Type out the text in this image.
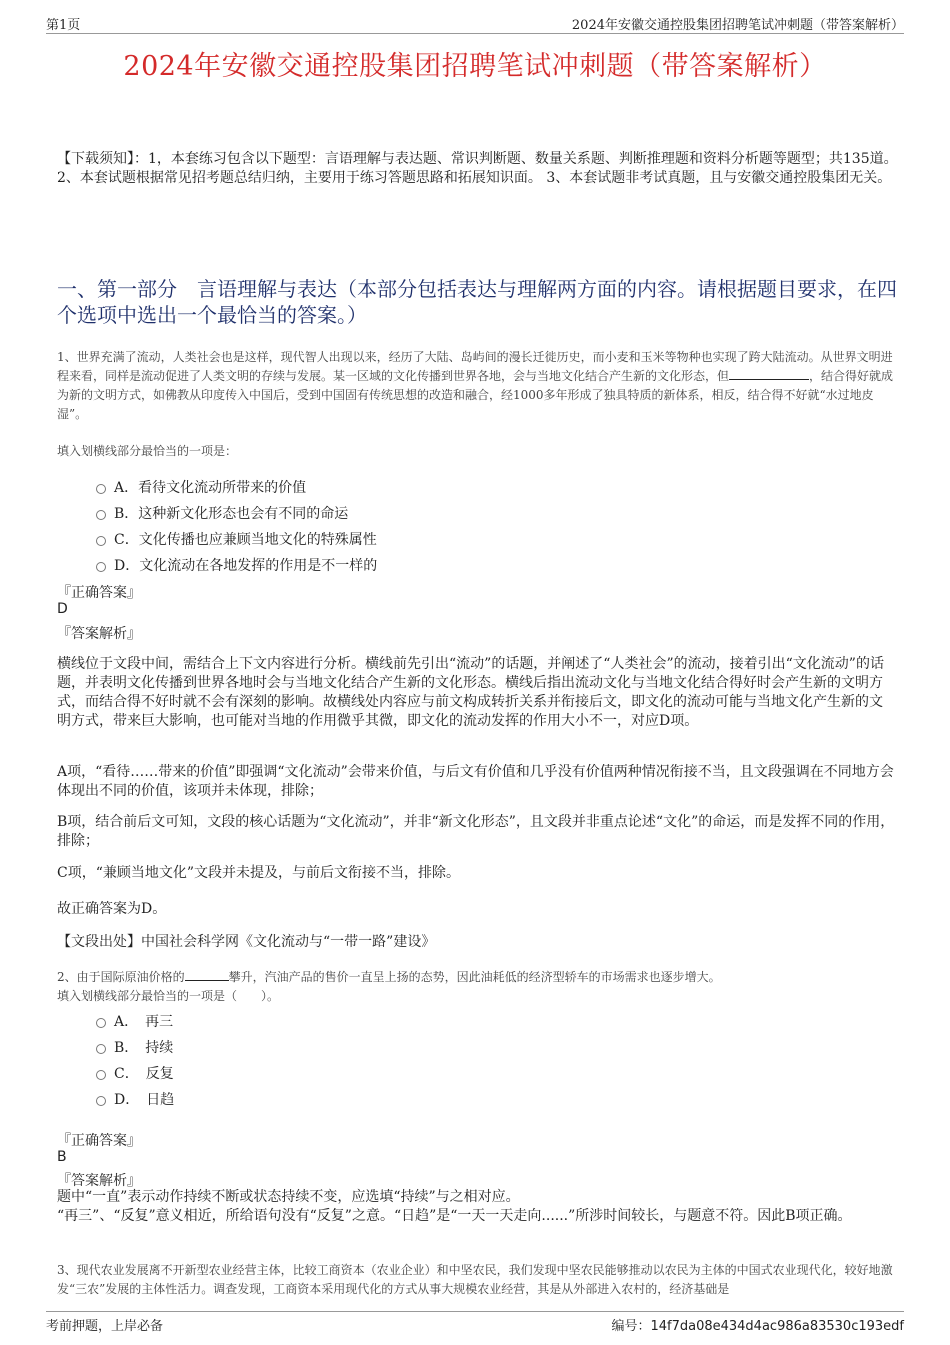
第1页	2024年安徽交通控股集团招聘笔试冲刺题（带答案解析）
2024年安徽交通控股集团招聘笔试冲刺题（带答案解析）
【下载须知】：1，本套练习包含以下题型：言语理解与表达题、常识判断题、数量关系题、判断推理题和资料分析题等题型；共135道。 2、本套试题根据常见招考题总结归纳，主要用于练习答题思路和拓展知识面。 3、本套试题非考试真题，且与安徽交通控股集团无关。
一、第一部分　言语理解与表达（本部分包括表达与理解两方面的内容。请根据题目要求，在四个选项中选出一个最恰当的答案。）
1、世界充满了流动，人类社会也是这样，现代智人出现以来，经历了大陆、岛屿间的漫长迁徙历史，而小麦和玉米等物种也实现了跨大陆流动。从世界文明进程来看，同样是流动促进了人类文明的存续与发展。某一区域的文化传播到世界各地，会与当地文化结合产生新的文化形态，但	，结合得好就成为新的文明方式，如佛教从印度传入中国后，受到中国固有传统思想的改造和融合，经1000多年形成了独具特质的新体系，相反，结合得不好就“水过地皮湿”。
填入划横线部分最恰当的一项是：
A．看待文化流动所带来的价值
B．这种新文化形态也会有不同的命运
C．文化传播也应兼顾当地文化的特殊属性
D．文化流动在各地发挥的作用是不一样的
『正确答案』
D
『答案解析』
横线位于文段中间，需结合上下文内容进行分析。横线前先引出“流动”的话题，并阐述了“人类社会”的流动，接着引出“文化流动”的话题，并表明文化传播到世界各地时会与当地文化结合产生新的文化形态。横线后指出流动文化与当地文化结合得好时会产生新的文明方式，而结合得不好时就不会有深刻的影响。故横线处内容应与前文构成转折关系并衔接后文，即文化的流动可能与当地文化产生新的文明方式，带来巨大影响，也可能对当地的作用微乎其微，即文化的流动发挥的作用大小不一，对应D项。
A项，“看待……带来的价值”即强调“文化流动”会带来价值，与后文有价值和几乎没有价值两种情况衔接不当，且文段强调在不同地方会体现出不同的价值，该项并未体现，排除；
B项，结合前后文可知，文段的核心话题为“文化流动”，并非“新文化形态”，且文段并非重点论述“文化”的命运，而是发挥不同的作用，排除；
C项，“兼顾当地文化”文段并未提及，与前后文衔接不当，排除。
故正确答案为D。
【文段出处】中国社会科学网《文化流动与“一带一路”建设》
2、由于国际原油价格的	攀升，汽油产品的售价一直呈上扬的态势，因此油耗低的经济型轿车的市场需求也逐步增大。
填入划横线部分最恰当的一项是（　　）。
A．　再三
B．　持续
C．　反复
D．　日趋
『正确答案』
B
『答案解析』
题中“一直”表示动作持续不断或状态持续不变，应选填“持续”与之相对应。
“再三”、“反复”意义相近，所给语句没有“反复”之意。“日趋”是“一天一天走向......”所涉时间较长，与题意不符。因此B项正确。
3、现代农业发展离不开新型农业经营主体，比较工商资本（农业企业）和中坚农民，我们发现中坚农民能够推动以农民为主体的中国式农业现代化，较好地激发“三农”发展的主体性活力。调查发现，工商资本采用现代化的方式从事大规模农业经营，其是从外部进入农村的，经济基础是
考前押题，上岸必备	编号：14f7da08e434d4ac986a83530c193edf
